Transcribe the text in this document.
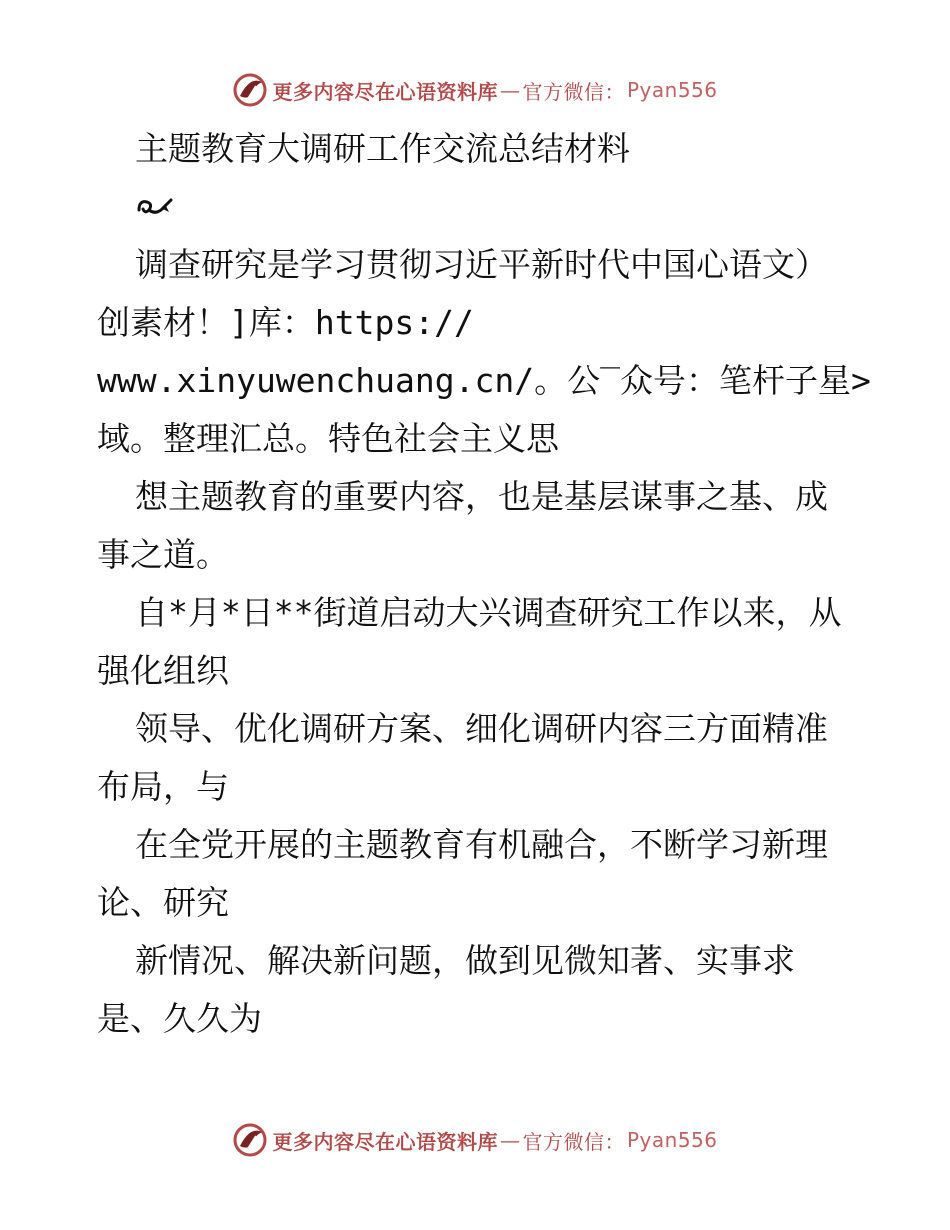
更多内容尽在心语资料库 — 官方微信： Pyan556
主题教育大调研工作交流总结材料
调查研究是学习贯彻习近平新时代中国心语文）
创素材！]库：https://
www.xinyuwenchuang.cn/。公‾众号：笔杆子星>
域。整理汇总。特色社会主义思
想主题教育的重要内容，也是基层谋事之基、成
事之道。
自*月*日**街道启动大兴调查研究工作以来，从
强化组织
领导、优化调研方案、细化调研内容三方面精准
布局，与
在全党开展的主题教育有机融合，不断学习新理
论、研究
新情况、解决新问题，做到见微知著、实事求
是、久久为
更多内容尽在心语资料库 — 官方微信： Pyan556
